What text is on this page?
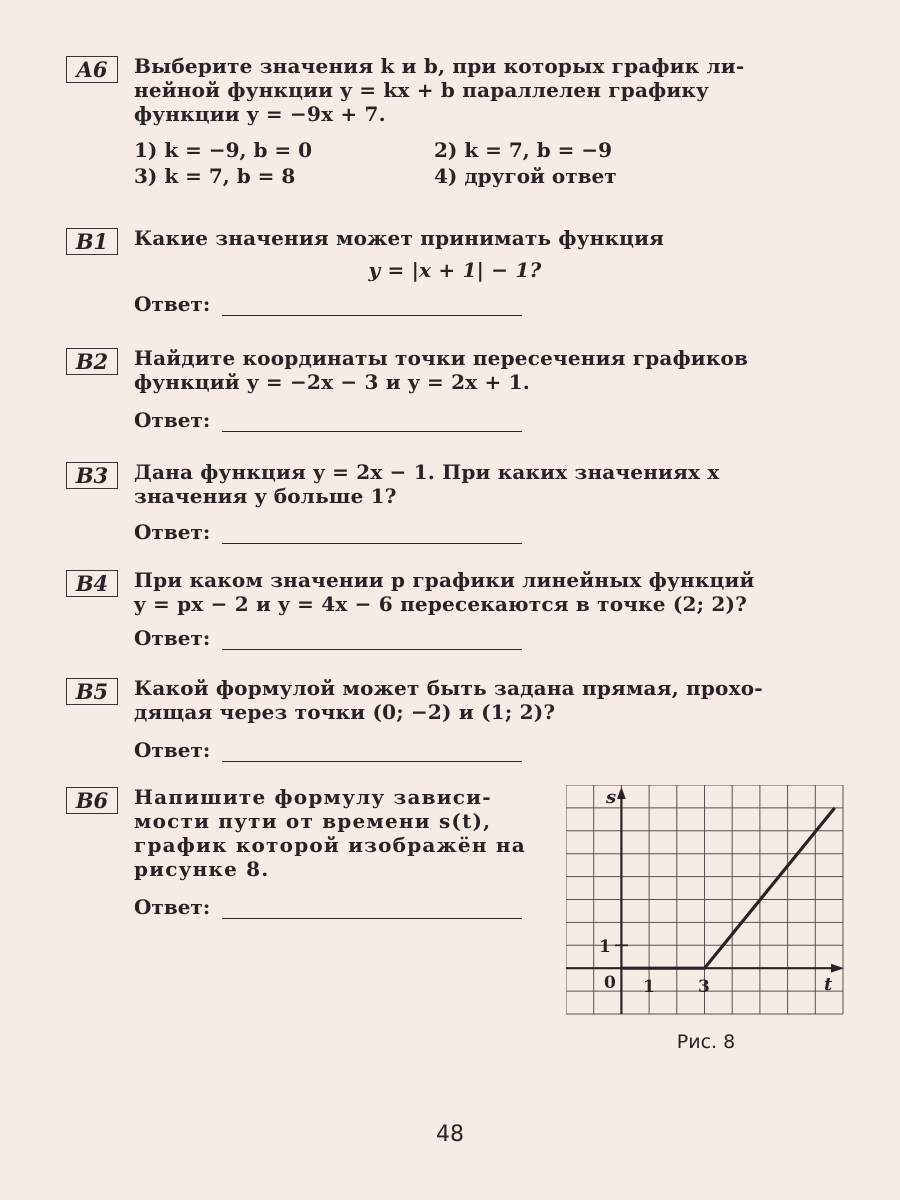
A6	Выберите значения k и b, при которых график ли-

нейной функции y = kx + b параллелен графику

функции y = −9x + 7.

1) k = −9, b = 0	2) k = 7, b = −9
3) k = 7, b = 8	4) другой ответ
B1	Какие значения может принимать функция

y = |x + 1| − 1?

Ответ:
B2	Найдите координаты точки пересечения графиков

функций y = −2x − 3 и y = 2x + 1.

Ответ:
B3	Дана функция y = 2x − 1. При каких значениях x

значения y больше 1?

Ответ:
B4	При каком значении p графики линейных функций

y = px − 2 и y = 4x − 6 пересекаются в точке (2; 2)?

Ответ:
B5	Какой формулой может быть задана прямая, прохо-

дящая через точки (0; −2) и (1; 2)?

Ответ:
B6	Напишите формулу зависи-

мости пути от времени s(t),

график которой изображён на

рисунке 8.

Ответ:
s
t
0 1	3
1
Рис. 8
48
